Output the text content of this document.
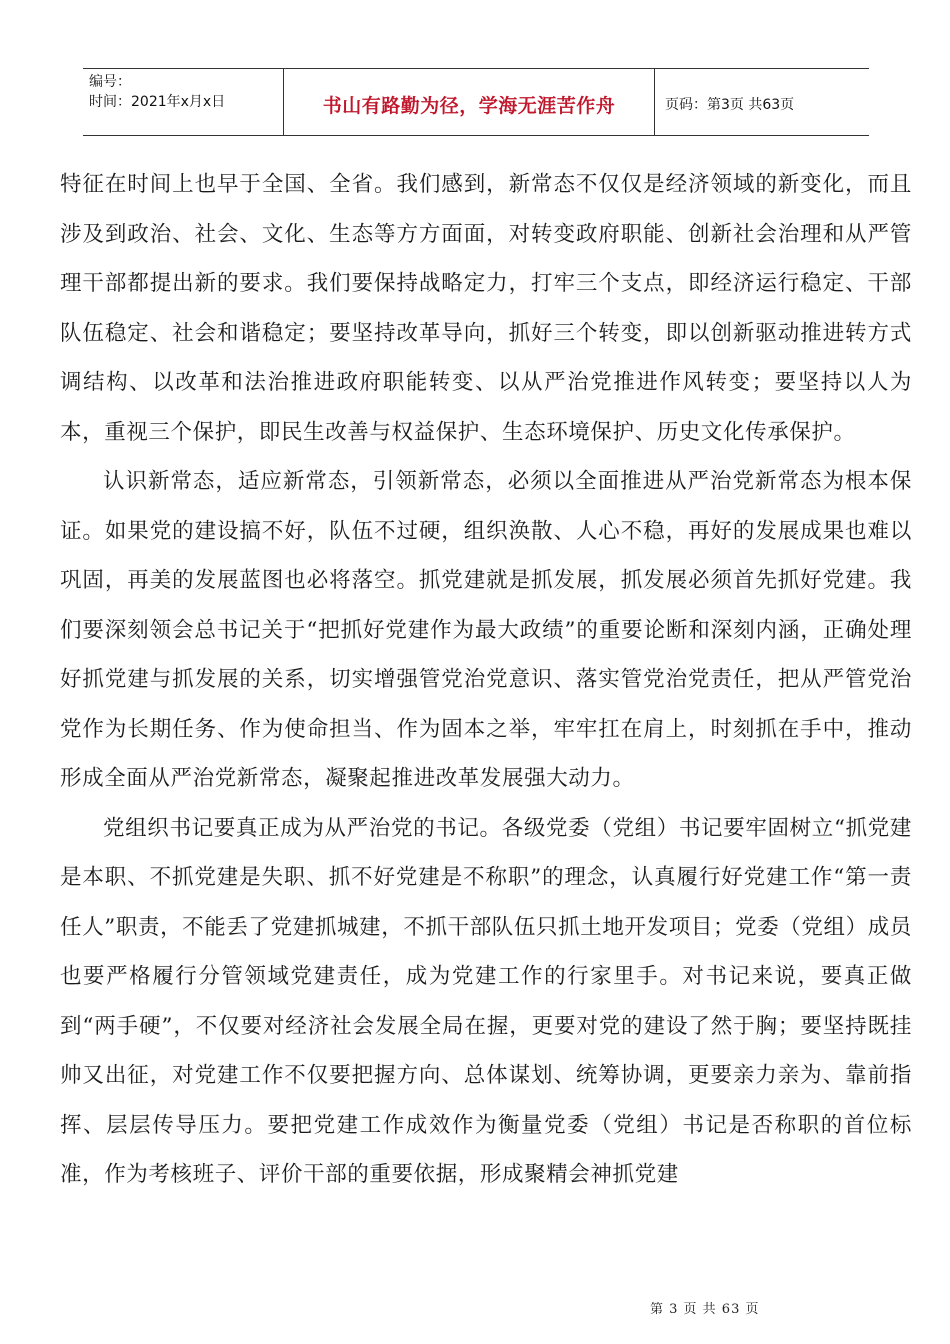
编号：
时间：2021年x月x日	书山有路勤为径，学海无涯苦作舟	页码：第3页 共63页

特征在时间上也早于全国、全省。我们感到，新常态不仅仅是经济领域的新变化，而且涉及到政治、社会、文化、生态等方方面面，对转变政府职能、创新社会治理和从严管理干部都提出新的要求。我们要保持战略定力，打牢三个支点，即经济运行稳定、干部队伍稳定、社会和谐稳定；要坚持改革导向，抓好三个转变，即以创新驱动推进转方式调结构、以改革和法治推进政府职能转变、以从严治党推进作风转变；要坚持以人为本，重视三个保护，即民生改善与权益保护、生态环境保护、历史文化传承保护。

认识新常态，适应新常态，引领新常态，必须以全面推进从严治党新常态为根本保证。如果党的建设搞不好，队伍不过硬，组织涣散、人心不稳，再好的发展成果也难以巩固，再美的发展蓝图也必将落空。抓党建就是抓发展，抓发展必须首先抓好党建。我们要深刻领会总书记关于“把抓好党建作为最大政绩”的重要论断和深刻内涵，正确处理好抓党建与抓发展的关系，切实增强管党治党意识、落实管党治党责任，把从严管党治党作为长期任务、作为使命担当、作为固本之举，牢牢扛在肩上，时刻抓在手中，推动形成全面从严治党新常态，凝聚起推进改革发展强大动力。

党组织书记要真正成为从严治党的书记。各级党委（党组）书记要牢固树立“抓党建是本职、不抓党建是失职、抓不好党建是不称职”的理念，认真履行好党建工作“第一责任人”职责，不能丢了党建抓城建，不抓干部队伍只抓土地开发项目；党委（党组）成员也要严格履行分管领域党建责任，成为党建工作的行家里手。对书记来说，要真正做到“两手硬”，不仅要对经济社会发展全局在握，更要对党的建设了然于胸；要坚持既挂帅又出征，对党建工作不仅要把握方向、总体谋划、统筹协调，更要亲力亲为、靠前指挥、层层传导压力。要把党建工作成效作为衡量党委（党组）书记是否称职的首位标准，作为考核班子、评价干部的重要依据，形成聚精会神抓党建

第 3 页 共 63 页
